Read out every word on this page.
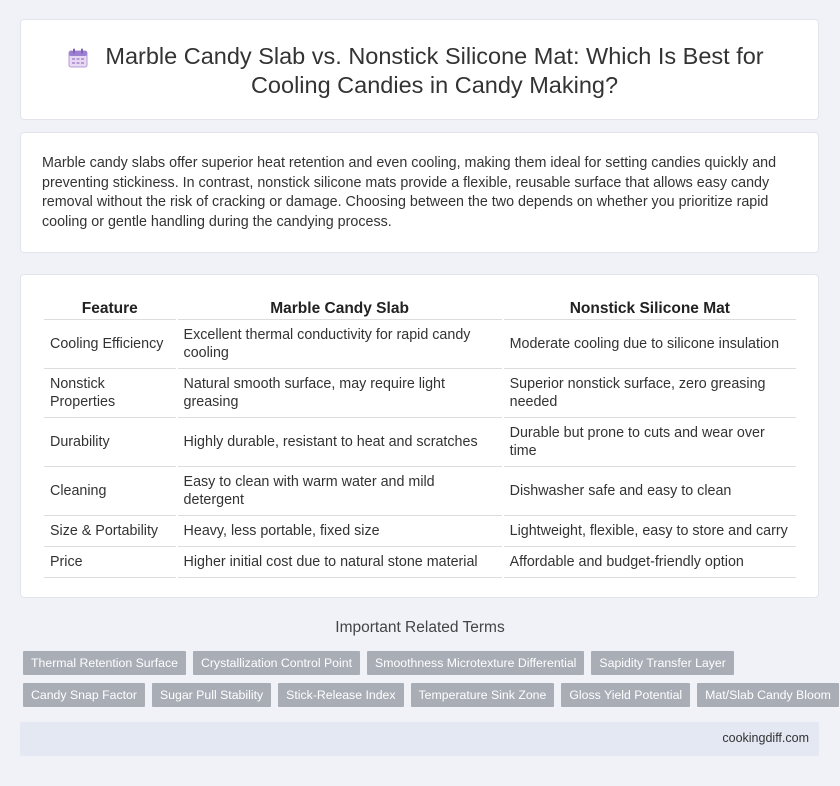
Marble Candy Slab vs. Nonstick Silicone Mat: Which Is Best for Cooling Candies in Candy Making?

Marble candy slabs offer superior heat retention and even cooling, making them ideal for setting candies quickly and preventing stickiness. In contrast, nonstick silicone mats provide a flexible, reusable surface that allows easy candy removal without the risk of cracking or damage. Choosing between the two depends on whether you prioritize rapid cooling or gentle handling during the candying process.

Feature	Marble Candy Slab	Nonstick Silicone Mat
Cooling Efficiency	Excellent thermal conductivity for rapid candy cooling	Moderate cooling due to silicone insulation
Nonstick Properties	Natural smooth surface, may require light greasing	Superior nonstick surface, zero greasing needed
Durability	Highly durable, resistant to heat and scratches	Durable but prone to cuts and wear over time
Cleaning	Easy to clean with warm water and mild detergent	Dishwasher safe and easy to clean
Size & Portability	Heavy, less portable, fixed size	Lightweight, flexible, easy to store and carry
Price	Higher initial cost due to natural stone material	Affordable and budget-friendly option
Important Related Terms
Thermal Retention Surface	Crystallization Control Point	Smoothness Microtexture Differential	Sapidity Transfer Layer
Candy Snap Factor	Sugar Pull Stability	Stick-Release Index	Temperature Sink Zone	Gloss Yield Potential	Mat/Slab Candy Bloom
cookingdiff.com
